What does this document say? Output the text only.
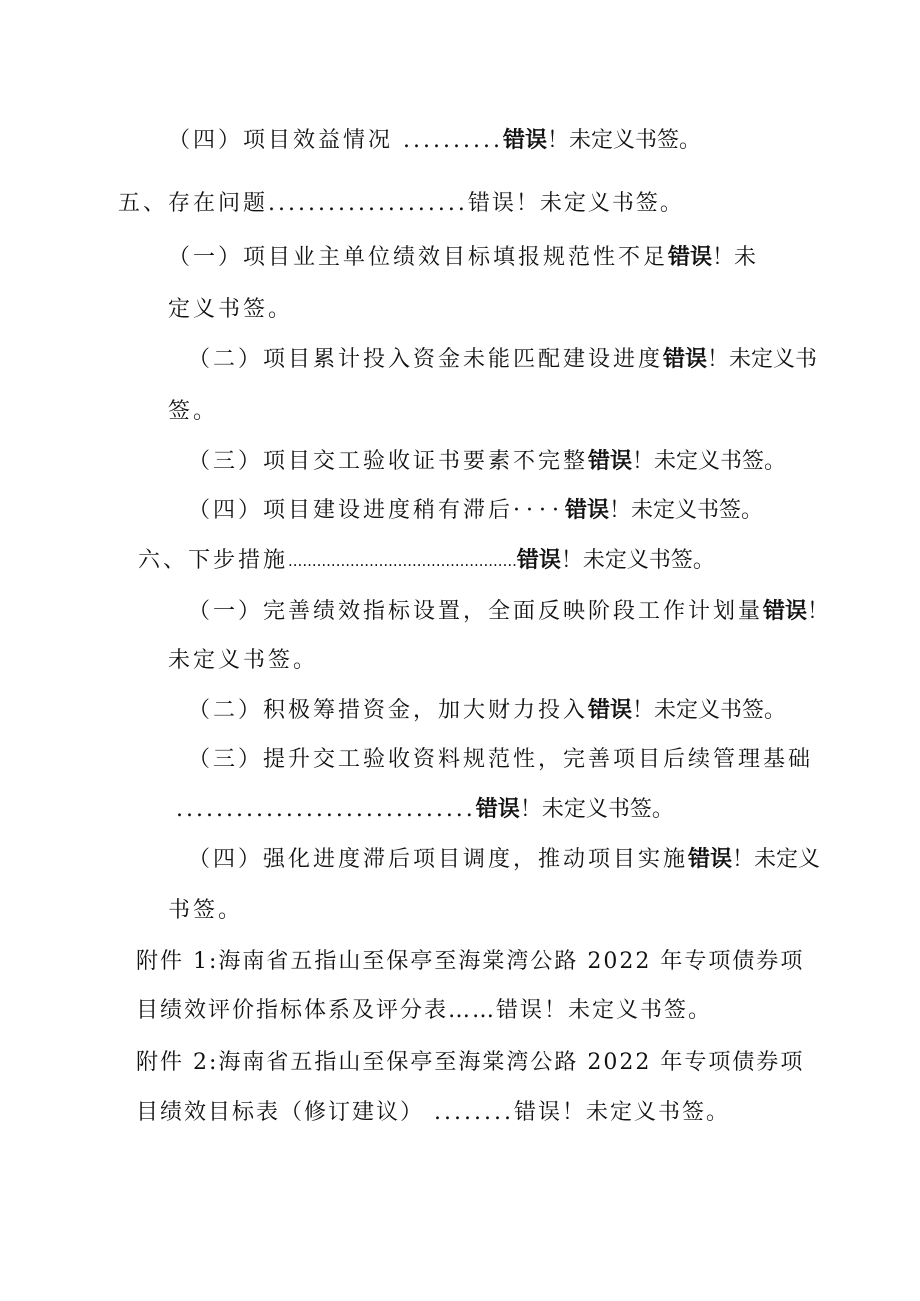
（四）项目效益情况 ..........错误！未定义书签。

五、存在问题....................错误！未定义书签。

（一）项目业主单位绩效目标填报规范性不足错误！未

定义书签。

（二）项目累计投入资金未能匹配建设进度错误！未定义书

签。

（三）项目交工验收证书要素不完整错误！未定义书签。

（四）项目建设进度稍有滞后····错误！未定义书签。

六、下步措施................................................错误！未定义书签。

（一）完善绩效指标设置，全面反映阶段工作计划量错误！

未定义书签。

（二）积极筹措资金，加大财力投入错误！未定义书签。

（三）提升交工验收资料规范性，完善项目后续管理基础

..............................错误！未定义书签。

（四）强化进度滞后项目调度，推动项目实施错误！未定义

书签。

附件 1:海南省五指山至保亭至海棠湾公路 2022 年专项债券项

目绩效评价指标体系及评分表……错误！未定义书签。

附件 2:海南省五指山至保亭至海棠湾公路 2022 年专项债券项

目绩效目标表（修订建议） ........错误！未定义书签。
